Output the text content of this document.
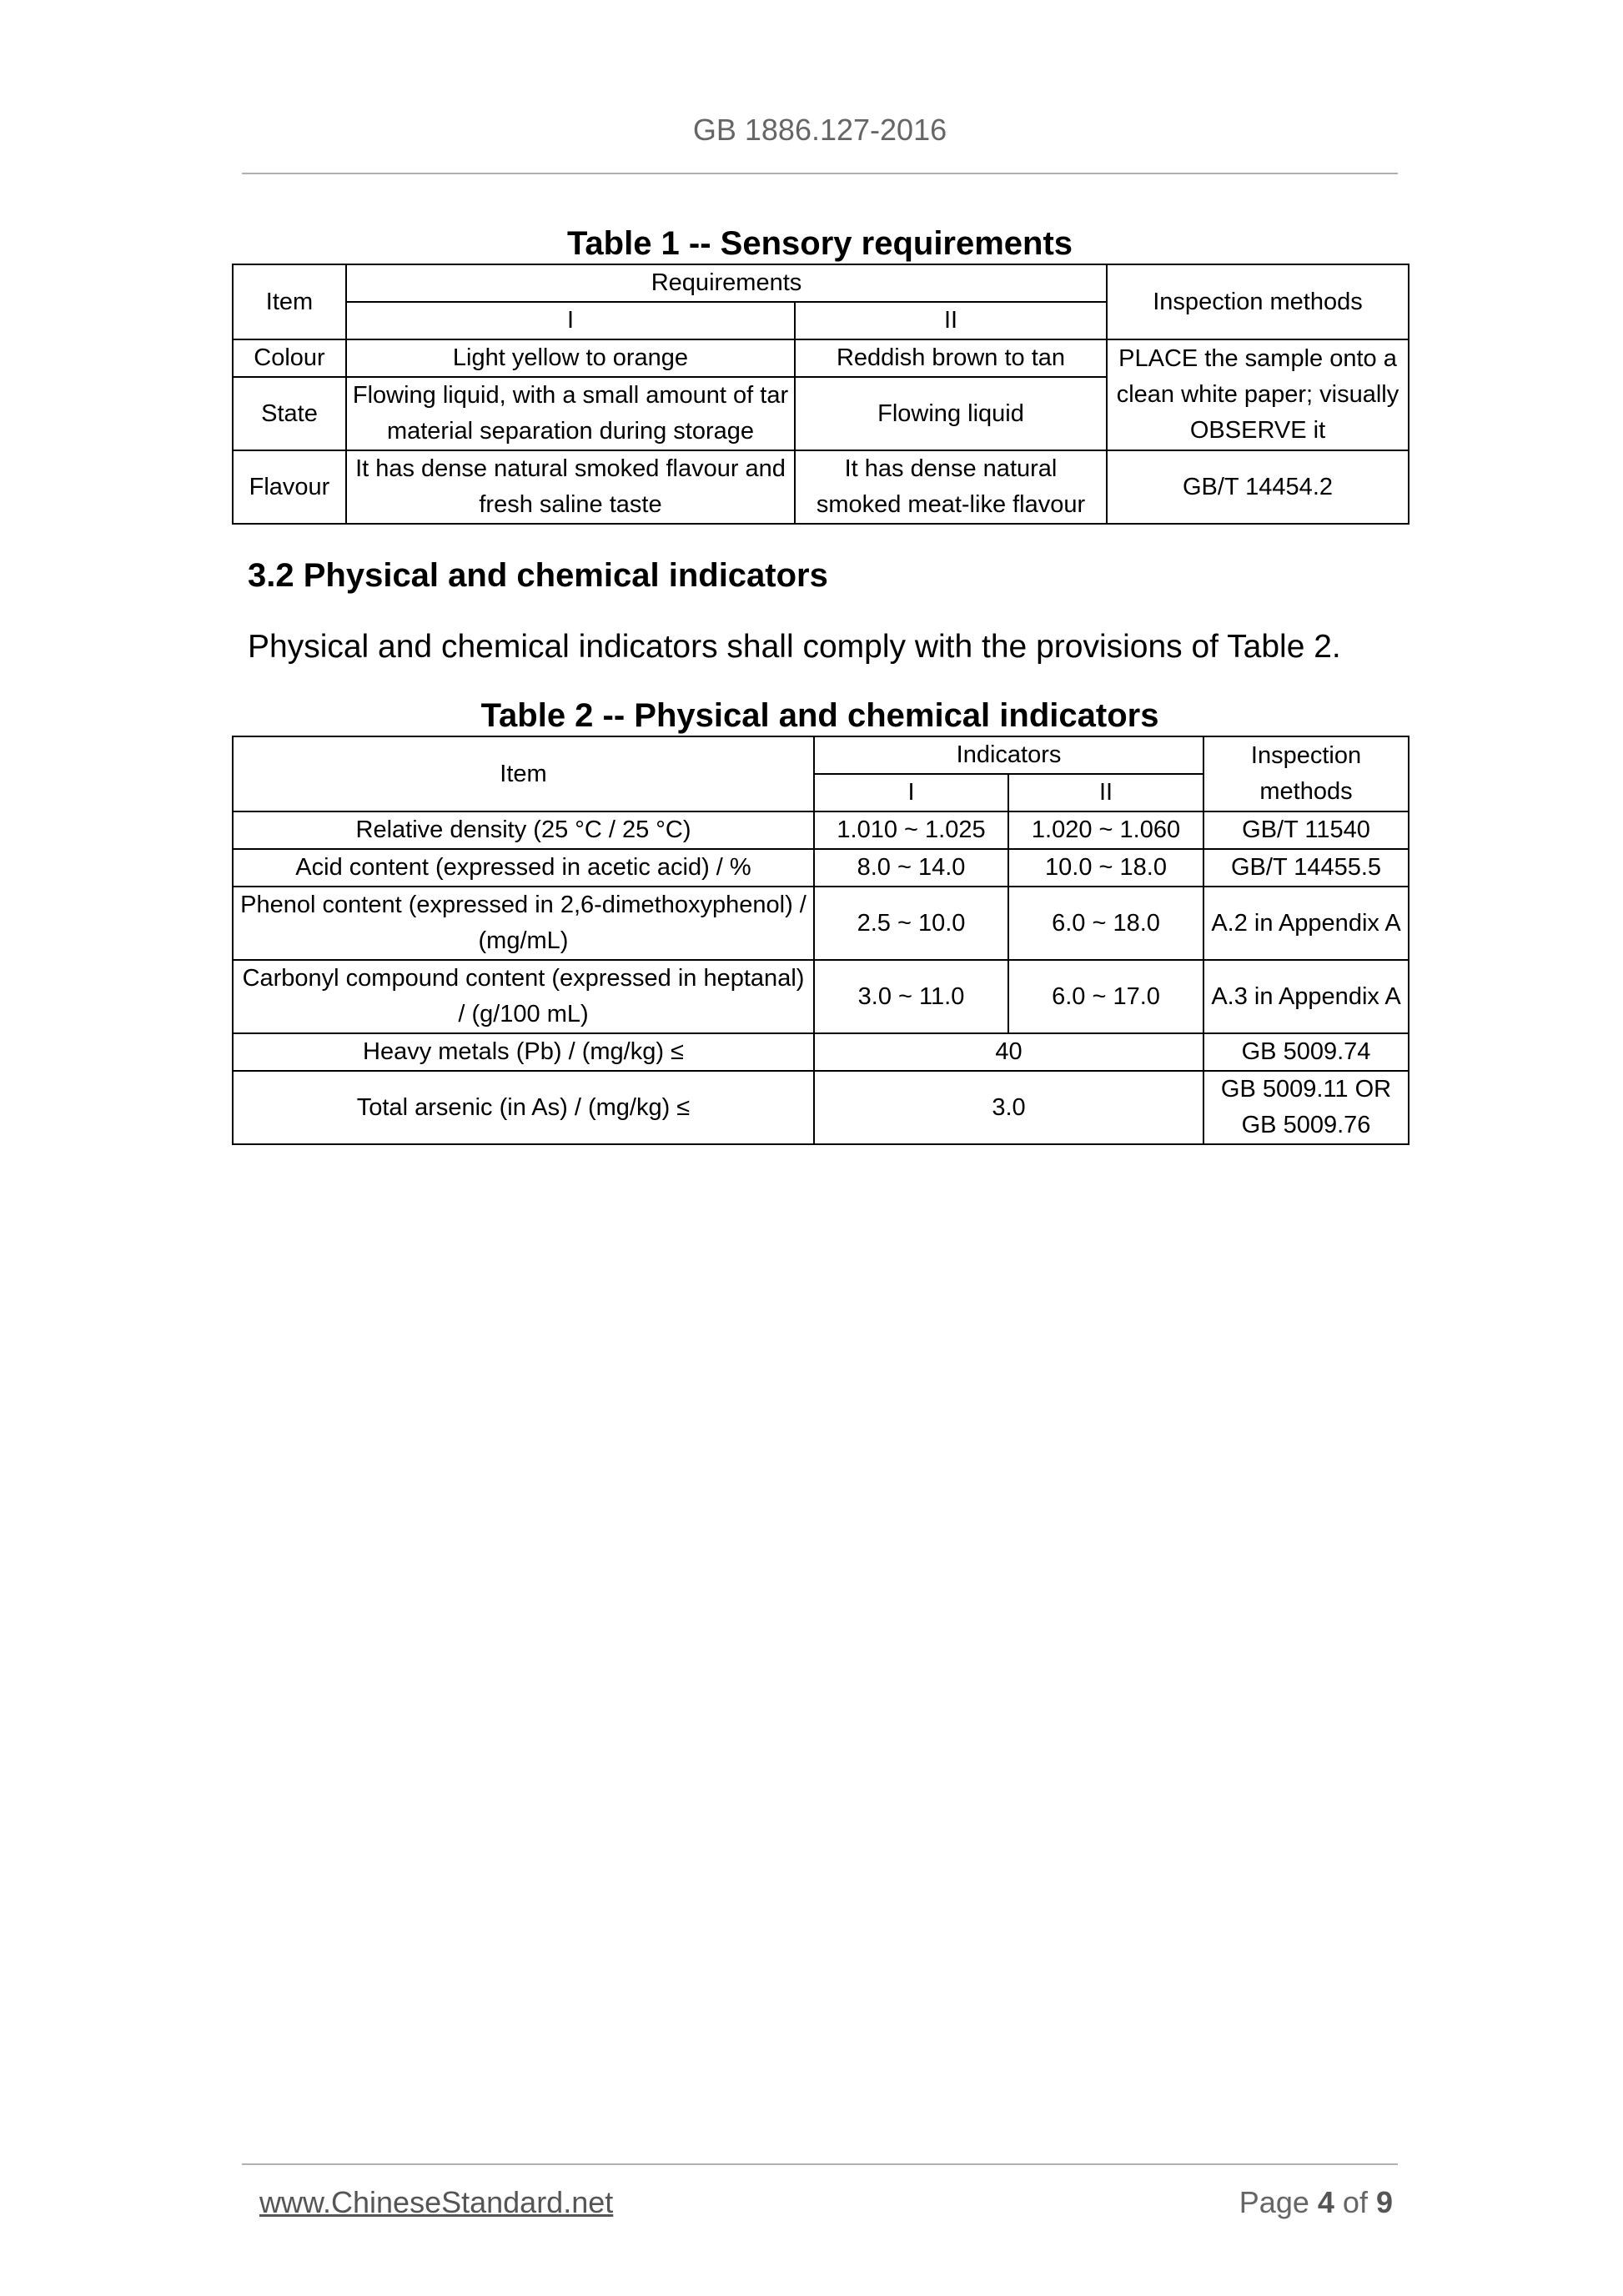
GB 1886.127-2016
Table 1 -- Sensory requirements
Item	Requirements		Inspection methods
	I	II	
Colour	Light yellow to orange	Reddish brown to tan	PLACE the sample onto a clean white paper; visually OBSERVE it
State	Flowing liquid, with a small amount of tar material separation during storage	Flowing liquid	
Flavour	It has dense natural smoked flavour and fresh saline taste	It has dense natural smoked meat-like flavour	GB/T 14454.2
3.2 Physical and chemical indicators
Physical and chemical indicators shall comply with the provisions of Table 2.
Table 2 -- Physical and chemical indicators
Item	Indicators		Inspection methods
	I	II	
Relative density (25 °C / 25 °C)	1.010 ~ 1.025	1.020 ~ 1.060	GB/T 11540
Acid content (expressed in acetic acid) / %	8.0 ~ 14.0	10.0 ~ 18.0	GB/T 14455.5
Phenol content (expressed in 2,6-dimethoxyphenol) / (mg/mL)	2.5 ~ 10.0	6.0 ~ 18.0	A.2 in Appendix A
Carbonyl compound content (expressed in heptanal) / (g/100 mL)	3.0 ~ 11.0	6.0 ~ 17.0	A.3 in Appendix A
Heavy metals (Pb) / (mg/kg) ≤	40		GB 5009.74
Total arsenic (in As) / (mg/kg) ≤	3.0		GB 5009.11 OR GB 5009.76
www.ChineseStandard.net	Page 4 of 9
